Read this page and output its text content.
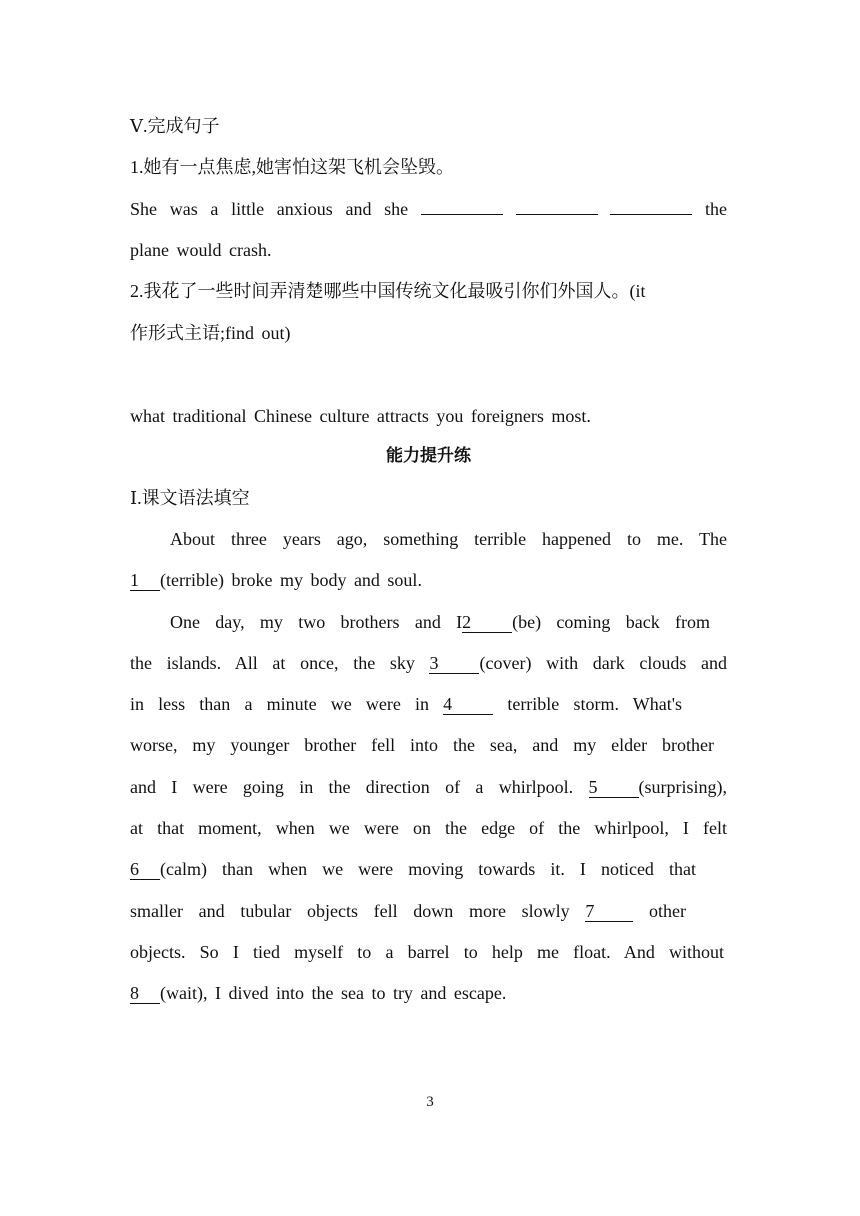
Ⅴ.完成句子
1.她有一点焦虑,她害怕这架飞机会坠毁。
She was a little anxious and she	the
plane would crash.
2.我花了一些时间弄清楚哪些中国传统文化最吸引你们外国人。(it
作形式主语;find out)
what traditional Chinese culture attracts you foreigners most.
能力提升练
Ⅰ.课文语法填空
About three years ago, something terrible happened to me. The
1 (terrible) broke my body and soul.
One day, my two brothers and I2 (be) coming back from
the islands. All at once, the sky 3 (cover) with dark clouds and
in less than a minute we were in 4 terrible storm. What's
worse, my younger brother fell into the sea, and my elder brother
and I were going in the direction of a whirlpool. 5 (surprising),
at that moment, when we were on the edge of the whirlpool, I felt
6 (calm) than when we were moving towards it. I noticed that
smaller and tubular objects fell down more slowly 7 other
objects. So I tied myself to a barrel to help me float. And without
8 (wait), I dived into the sea to try and escape.
3
